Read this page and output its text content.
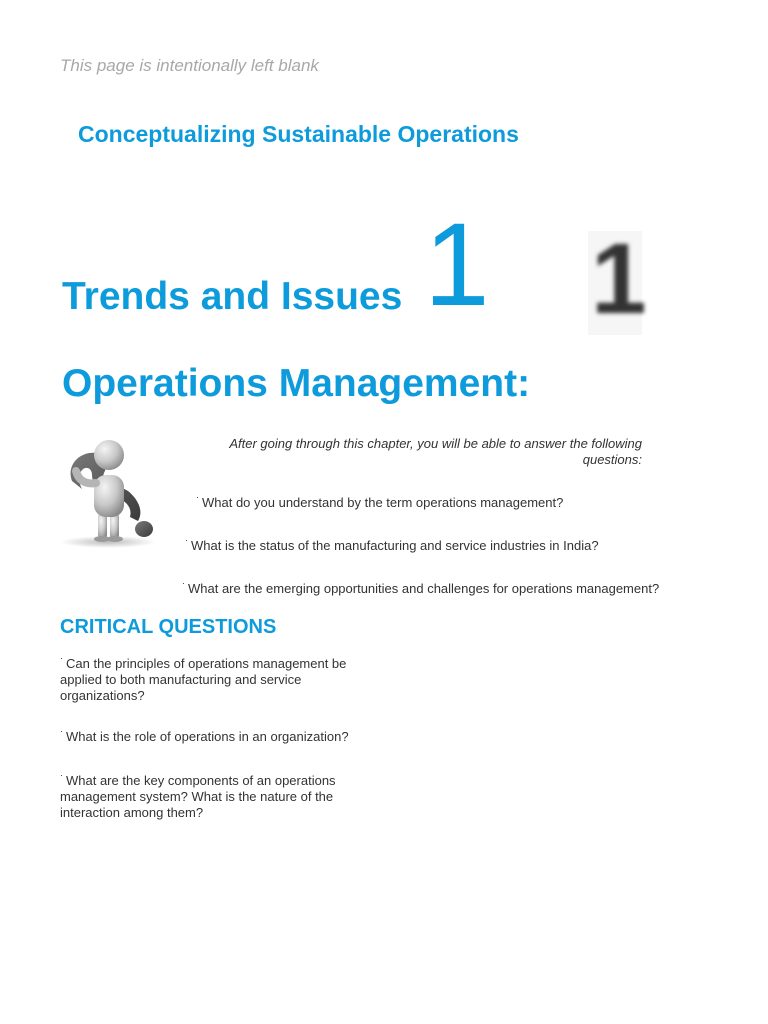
This page is intentionally left blank
Conceptualizing Sustainable Operations
Trends and Issues 1 1
Operations Management:
After going through this chapter, you will be able to answer the following questions:
· What do you understand by the term operations management?
· What is the status of the manufacturing and service industries in India?
· What are the emerging opportunities and challenges for operations management?
CRITICAL QUESTIONS
· Can the principles of operations management be applied to both manufacturing and service organizations?
· What is the role of operations in an organization?
· What are the key components of an operations management system? What is the nature of the interaction among them?
